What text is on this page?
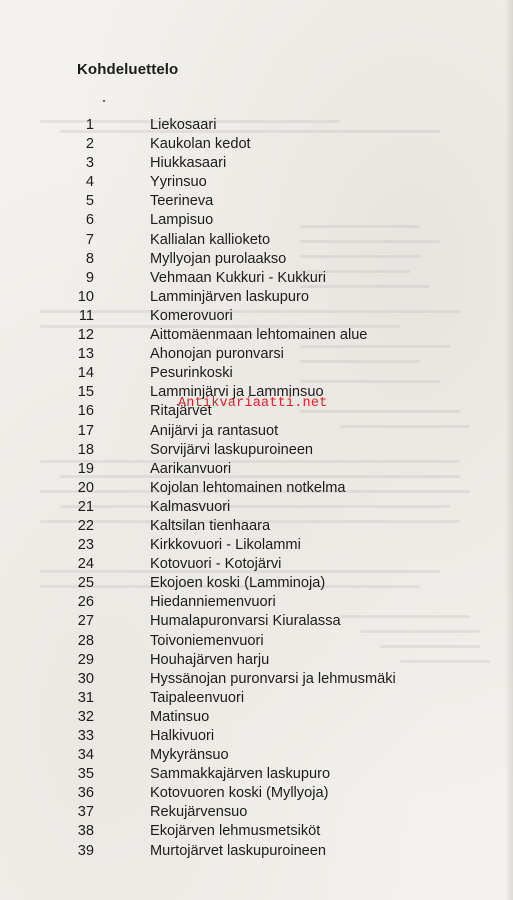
Kohdeluettelo
1	Liekosaari
2	Kaukolan kedot
3	Hiukkasaari
4	Yyrinsuo
5	Teerineva
6	Lampisuo
7	Kallialan kallioketo
8	Myllyojan purolaakso
9	Vehmaan Kukkuri - Kukkuri
10	Lamminjärven laskupuro
11	Komerovuori
12	Aittomäenmaan lehtomainen alue
13	Ahonojan puronvarsi
14	Pesurinkoski
15	Lamminjärvi ja Lamminsuo
16	Ritajärvet
17	Anijärvi ja rantasuot
18	Sorvijärvi laskupuroineen
19	Aarikanvuori
20	Kojolan lehtomainen notkelma
21	Kalmasvuori
22	Kaltsilan tienhaara
23	Kirkkovuori - Likolammi
24	Kotovuori - Kotojärvi
25	Ekojoen koski (Lamminoja)
26	Hiedanniemenvuori
27	Humalapuronvarsi Kiuralassa
28	Toivoniemenvuori
29	Houhajärven harju
30	Hyssänojan puronvarsi ja lehmusmäki
31	Taipaleenvuori
32	Matinsuo
33	Halkivuori
34	Mykyränsuo
35	Sammakkajärven laskupuro
36	Kotovuoren koski (Myllyoja)
37	Rekujärvensuo
38	Ekojärven lehmusmetsiköt
39	Murtojärvet laskupuroineen
Antikvariaatti.net
